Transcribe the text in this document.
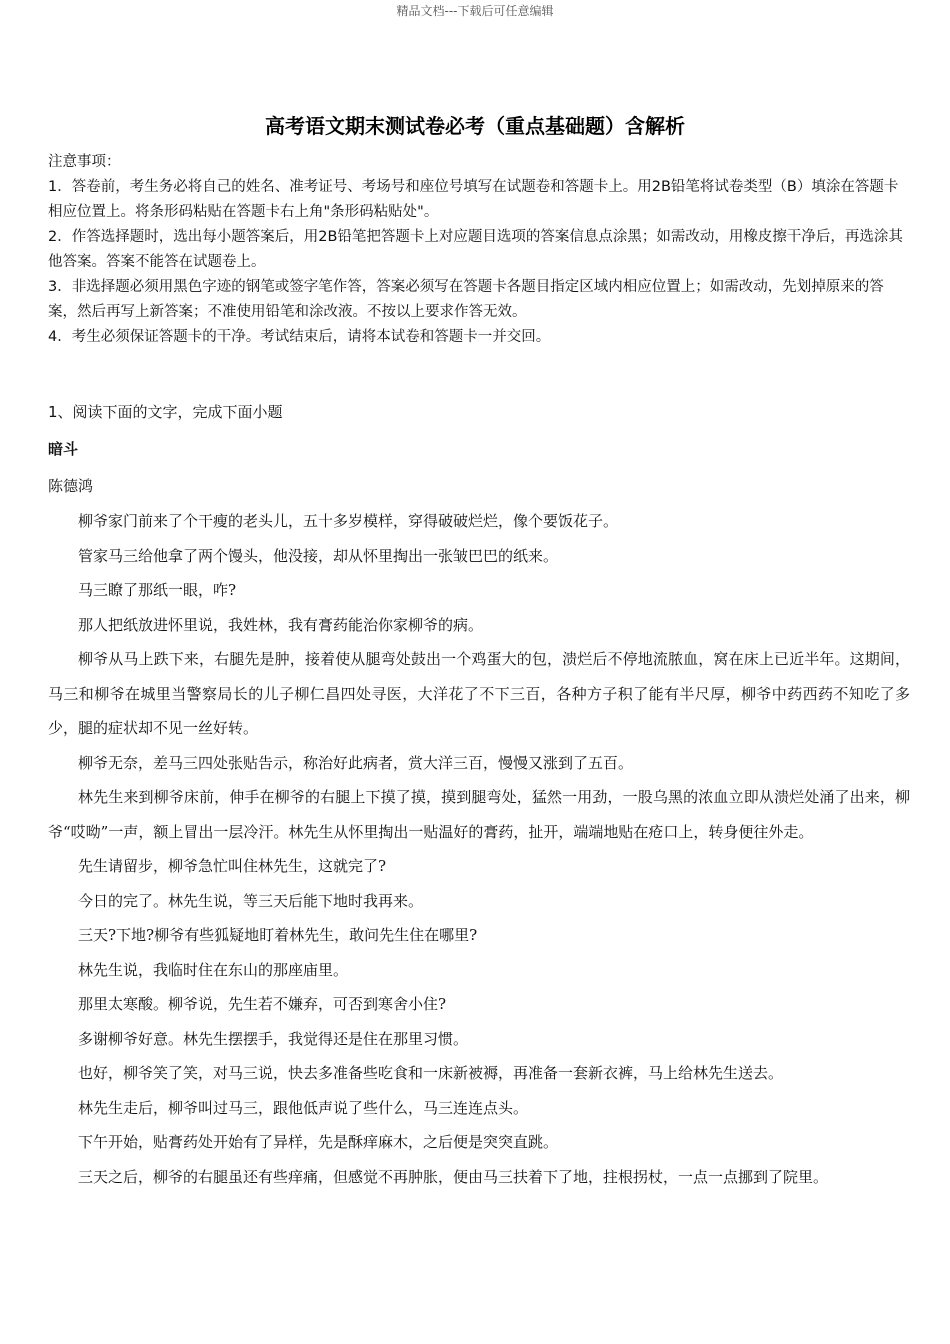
精品文档---下载后可任意编辑
高考语文期末测试卷必考（重点基础题）含解析

注意事项：

1．答卷前，考生务必将自己的姓名、准考证号、考场号和座位号填写在试题卷和答题卡上。用2B铅笔将试卷类型（B）填涂在答题卡相应位置上。将条形码粘贴在答题卡右上角"条形码粘贴处"。

2．作答选择题时，选出每小题答案后，用2B铅笔把答题卡上对应题目选项的答案信息点涂黑；如需改动，用橡皮擦干净后，再选涂其他答案。答案不能答在试题卷上。

3．非选择题必须用黑色字迹的钢笔或签字笔作答，答案必须写在答题卡各题目指定区域内相应位置上；如需改动，先划掉原来的答案，然后再写上新答案；不准使用铅笔和涂改液。不按以上要求作答无效。

4．考生必须保证答题卡的干净。考试结束后，请将本试卷和答题卡一并交回。

1、阅读下面的文字，完成下面小题

暗斗

陈德鸿

柳爷家门前来了个干瘦的老头儿，五十多岁模样，穿得破破烂烂，像个要饭花子。

管家马三给他拿了两个馒头，他没接，却从怀里掏出一张皱巴巴的纸来。

马三瞭了那纸一眼，咋?

那人把纸放进怀里说，我姓林，我有膏药能治你家柳爷的病。

柳爷从马上跌下来，右腿先是肿，接着使从腿弯处鼓出一个鸡蛋大的包，溃烂后不停地流脓血，窝在床上已近半年。这期间，马三和柳爷在城里当警察局长的儿子柳仁昌四处寻医，大洋花了不下三百，各种方子积了能有半尺厚，柳爷中药西药不知吃了多少，腿的症状却不见一丝好转。

柳爷无奈，差马三四处张贴告示，称治好此病者，赏大洋三百，慢慢又涨到了五百。

林先生来到柳爷床前，伸手在柳爷的右腿上下摸了摸，摸到腿弯处，猛然一用劲，一股乌黑的浓血立即从溃烂处涌了出来，柳爷“哎呦”一声，额上冒出一层冷汗。林先生从怀里掏出一贴温好的膏药，扯开，端端地贴在疮口上，转身便往外走。

先生请留步，柳爷急忙叫住林先生，这就完了?

今日的完了。林先生说，等三天后能下地时我再来。

三天?下地?柳爷有些狐疑地盯着林先生，敢问先生住在哪里?

林先生说，我临时住在东山的那座庙里。

那里太寒酸。柳爷说，先生若不嫌弃，可否到寒舍小住?

多谢柳爷好意。林先生摆摆手，我觉得还是住在那里习惯。

也好，柳爷笑了笑，对马三说，快去多准备些吃食和一床新被褥，再准备一套新衣裤，马上给林先生送去。

林先生走后，柳爷叫过马三，跟他低声说了些什么，马三连连点头。

下午开始，贴膏药处开始有了异样，先是酥痒麻木，之后便是突突直跳。

三天之后，柳爷的右腿虽还有些痒痛，但感觉不再肿胀，便由马三扶着下了地，拄根拐杖，一点一点挪到了院里。
